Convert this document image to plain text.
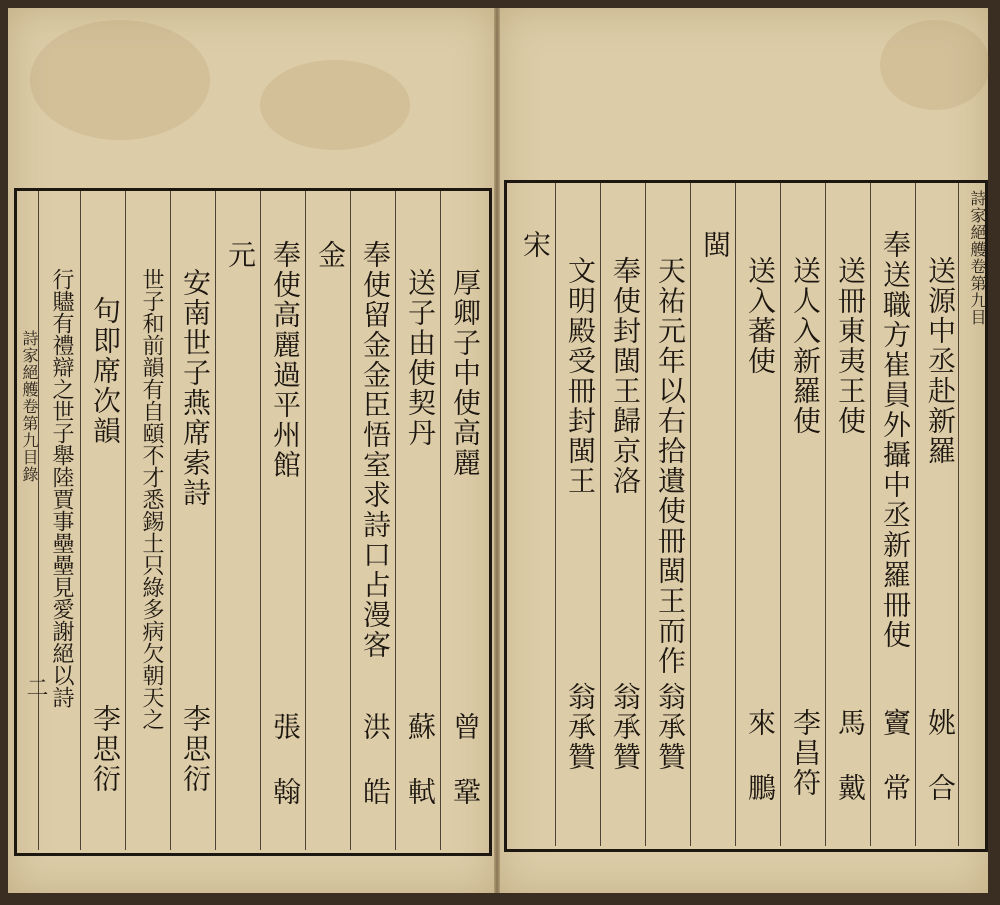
詩家絕艧卷第九目錄
二
厚卿子中使高麗
曾 鞏
送子由使契丹
蘇 軾
奉使留金金臣悟室求詩口占漫客
洪 皓
金
奉使高麗過平州館
張 翰
元
安南世子燕席索詩
李思衍
世子和前韻有自頤不才悉錫土只綠多病欠朝天之
句即席次韻
李思衍
行贐有禮辯之世子舉陸賈事壘壘見愛謝絕以詩	送源中丞赴新羅
姚 合
奉送職方崔員外攝中丞新羅冊使
竇 常
送冊東夷王使
馬 戴
送人入新羅使
李昌符
送入蕃使
來 鵬
閩
天祐元年以右拾遺使冊閩王而作
翁承贊
奉使封閩王歸京洛
翁承贊
文明殿受冊封閩王
翁承贊
宋	詩家絕艧卷第九目
